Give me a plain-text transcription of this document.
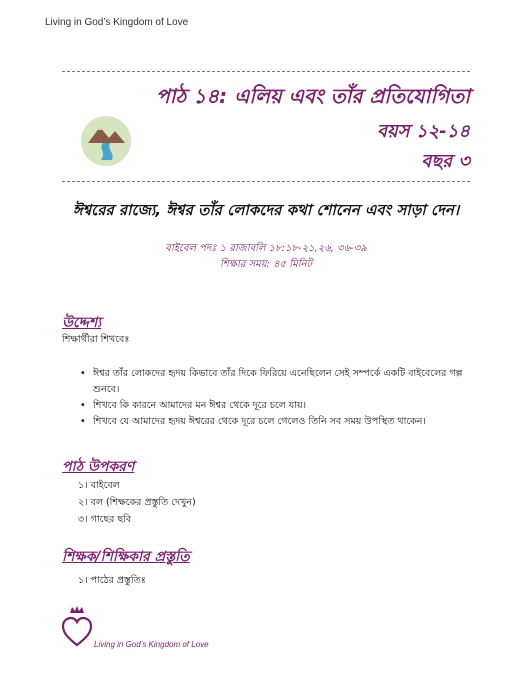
Living in God’s Kingdom of Love
পাঠ ১৪: এলিয় এবং তাঁর প্রতিযোগিতা
বয়স ১২-১৪
বছর ৩
ঈশ্বরের রাজ্যে, ঈশ্বর তাঁর লোকদের কথা শোনেন এবং সাড়া দেন।
বাইবেল পদঃ ১ রাজাবলি ১৮:১৮-২১,২৬, ৩৬-৩৯
শিক্ষার সময়: ৪৫ মিনিট
উদ্দেশ্য
শিক্ষার্থীরা শিখবেঃ
• ঈশ্বর তাঁর লোকদের হৃদয় কিভাবে তাঁর দিকে ফিরিয়ে এনেছিলেন সেই সম্পর্কে একটি বাইবেলের গল্প শুনবে।
• শিখবে কি কারনে আমাদের মন ঈশ্বর থেকে দূরে চলে যায়।
• শিখবে যে আমাদের হৃদয় ঈশ্বরের থেকে দূরে চলে গেলেও তিনি সব সময় উপস্থিত থাকেন।
পাঠ উপকরণ
১। বাইবেল
২। বল (শিক্ষকের প্রস্তুতি দেখুন)
৩। গাছের ছবি
শিক্ষক/শিক্ষিকার প্রস্তুতি
১। পাঠের প্রস্তুতিঃ
Living in God’s Kingdom of Love
